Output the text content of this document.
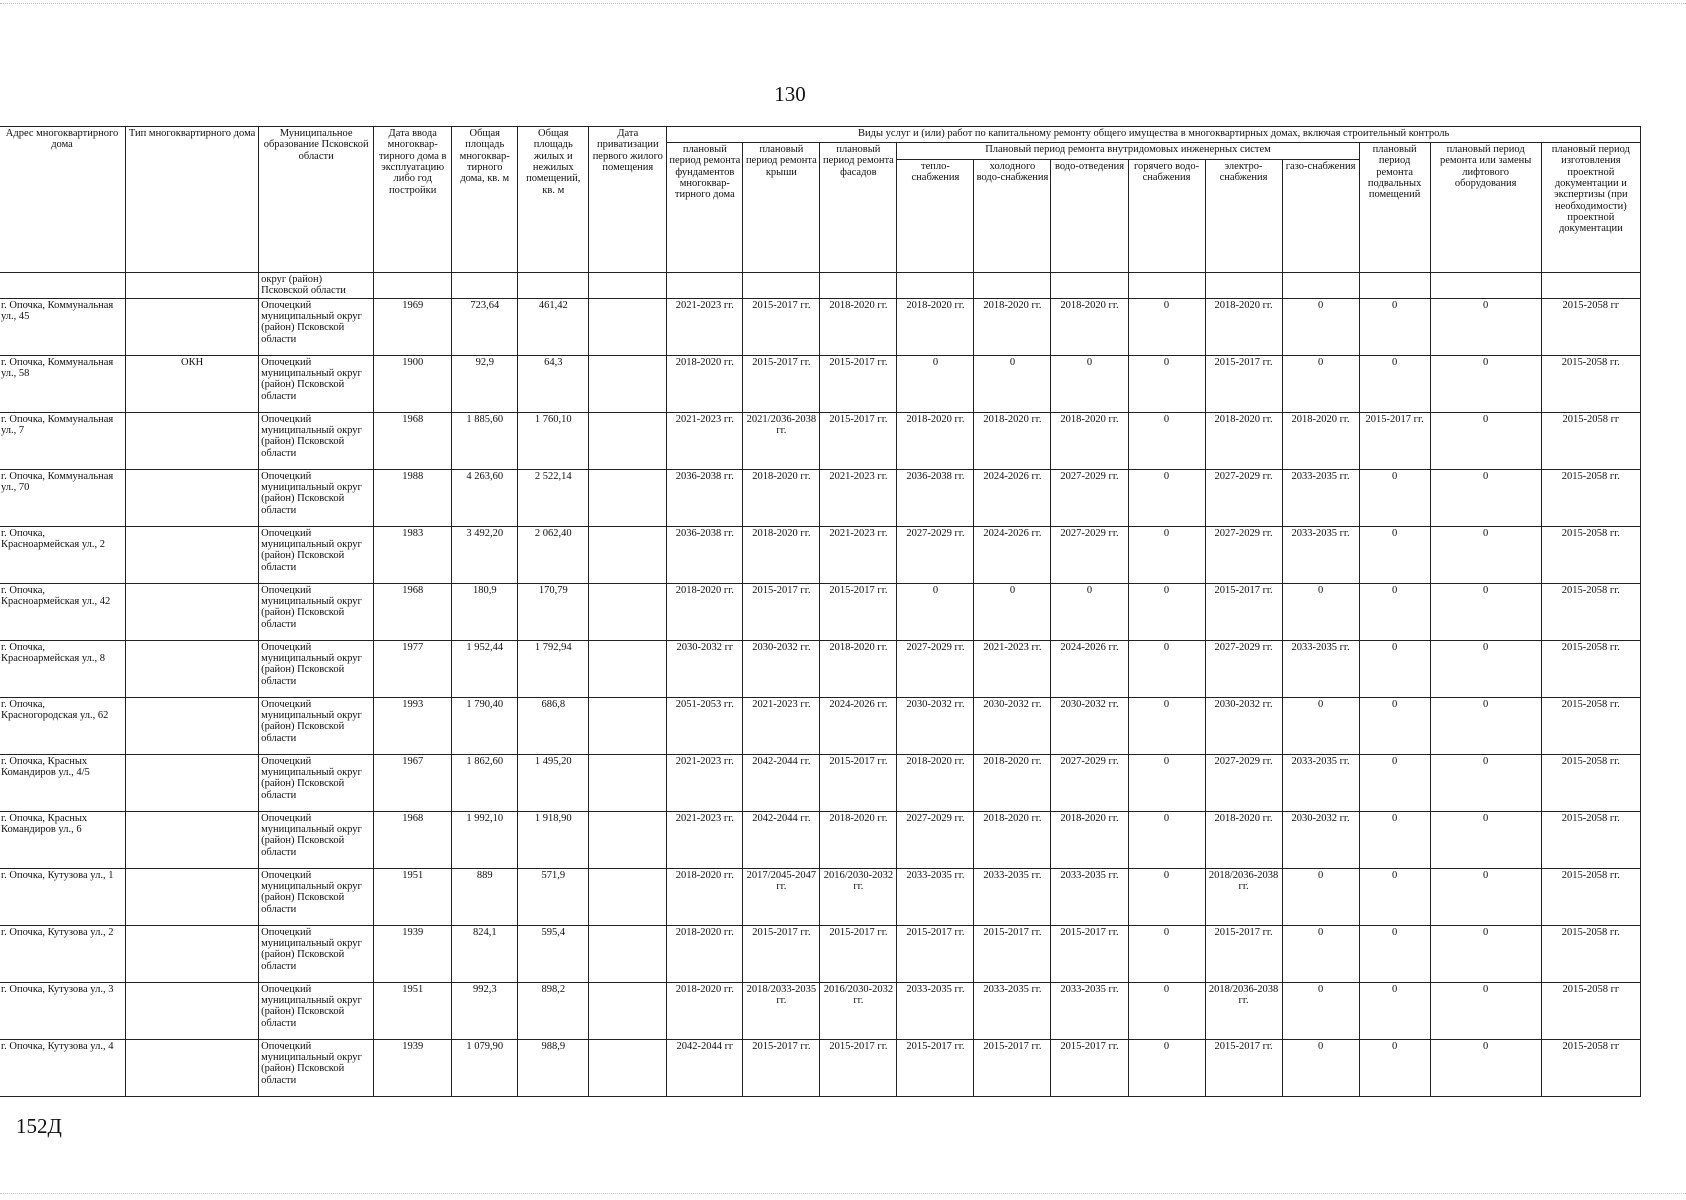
130
Адрес многоквартирного дома	Тип многоквартирного дома	Муниципальное образование Псковской области	Дата ввода многоквар-тирного дома в эксплуатацию либо год постройки	Общая площадь многоквар-тирного дома, кв. м	Общая площадь жилых и нежилых помещений, кв. м	Дата приватизации первого жилого помещения	Виды услуг и (или) работ по капитальному ремонту общего имущества в многоквартирных домах, включая строительный контроль											
							плановый период ремонта фундаментов многоквар-тирного дома	плановый период ремонта крыши	плановый период ремонта фасадов	Плановый период ремонта внутридомовых инженерных систем						плановый период ремонта подвальных помещений	плановый период ремонта или замены лифтового оборудования	плановый период изготовления проектной документации и экспертизы (при необходимости) проектной документации
										тепло-снабжения	холодного водо-снабжения	водо-отведения	горячего водо-снабжения	электро-снабжения	газо-снабжения			
		округ (район) Псковской области																
г. Опочка, Коммунальная ул., 45		Опочецкий муниципальный округ (район) Псковской области	1969	723,64	461,42		2021-2023 гг.	2015-2017 гг.	2018-2020 гг.	2018-2020 гг.	2018-2020 гг.	2018-2020 гг.	0	2018-2020 гг.	0	0	0	2015-2058 гг
г. Опочка, Коммунальная ул., 58	ОКН	Опочецкий муниципальный округ (район) Псковской области	1900	92,9	64,3		2018-2020 гг.	2015-2017 гг.	2015-2017 гг.	0	0	0	0	2015-2017 гг.	0	0	0	2015-2058 гг.
г. Опочка, Коммунальная ул., 7		Опочецкий муниципальный округ (район) Псковской области	1968	1 885,60	1 760,10		2021-2023 гг.	2021/2036-2038 гг.	2015-2017 гг.	2018-2020 гг.	2018-2020 гг.	2018-2020 гг.	0	2018-2020 гг.	2018-2020 гг.	2015-2017 гг.	0	2015-2058 гг
г. Опочка, Коммунальная ул., 70		Опочецкий муниципальный округ (район) Псковской области	1988	4 263,60	2 522,14		2036-2038 гг.	2018-2020 гг.	2021-2023 гг.	2036-2038 гг.	2024-2026 гг.	2027-2029 гг.	0	2027-2029 гг.	2033-2035 гг.	0	0	2015-2058 гг.
г. Опочка, Красноармейская ул., 2		Опочецкий муниципальный округ (район) Псковской области	1983	3 492,20	2 062,40		2036-2038 гг.	2018-2020 гг.	2021-2023 гг.	2027-2029 гг.	2024-2026 гг.	2027-2029 гг.	0	2027-2029 гг.	2033-2035 гг.	0	0	2015-2058 гг.
г. Опочка, Красноармейская ул., 42		Опочецкий муниципальный округ (район) Псковской области	1968	180,9	170,79		2018-2020 гг.	2015-2017 гг.	2015-2017 гг.	0	0	0	0	2015-2017 гг.	0	0	0	2015-2058 гг.
г. Опочка, Красноармейская ул., 8		Опочецкий муниципальный округ (район) Псковской области	1977	1 952,44	1 792,94		2030-2032 гг	2030-2032 гг.	2018-2020 гг.	2027-2029 гг.	2021-2023 гг.	2024-2026 гг.	0	2027-2029 гг.	2033-2035 гг.	0	0	2015-2058 гг.
г. Опочка, Красногородская ул., 62		Опочецкий муниципальный округ (район) Псковской области	1993	1 790,40	686,8		2051-2053 гг.	2021-2023 гг.	2024-2026 гг.	2030-2032 гг.	2030-2032 гг.	2030-2032 гг.	0	2030-2032 гг.	0	0	0	2015-2058 гг.
г. Опочка, Красных Командиров ул., 4/5		Опочецкий муниципальный округ (район) Псковской области	1967	1 862,60	1 495,20		2021-2023 гг.	2042-2044 гг.	2015-2017 гг.	2018-2020 гг.	2018-2020 гг.	2027-2029 гг.	0	2027-2029 гг.	2033-2035 гг.	0	0	2015-2058 гг.
г. Опочка, Красных Командиров ул., 6		Опочецкий муниципальный округ (район) Псковской области	1968	1 992,10	1 918,90		2021-2023 гг.	2042-2044 гг.	2018-2020 гг.	2027-2029 гг.	2018-2020 гг.	2018-2020 гг.	0	2018-2020 гг.	2030-2032 гг.	0	0	2015-2058 гг.
г. Опочка, Кутузова ул., 1		Опочецкий муниципальный округ (район) Псковской области	1951	889	571,9		2018-2020 гг.	2017/2045-2047 гг.	2016/2030-2032 гг.	2033-2035 гг.	2033-2035 гг.	2033-2035 гг.	0	2018/2036-2038 гг.	0	0	0	2015-2058 гг.
г. Опочка, Кутузова ул., 2		Опочецкий муниципальный округ (район) Псковской области	1939	824,1	595,4		2018-2020 гг.	2015-2017 гг.	2015-2017 гг.	2015-2017 гг.	2015-2017 гг.	2015-2017 гг.	0	2015-2017 гг.	0	0	0	2015-2058 гг.
г. Опочка, Кутузова ул., 3		Опочецкий муниципальный округ (район) Псковской области	1951	992,3	898,2		2018-2020 гг.	2018/2033-2035 гг.	2016/2030-2032 гг.	2033-2035 гг.	2033-2035 гг.	2033-2035 гг.	0	2018/2036-2038 гг.	0	0	0	2015-2058 гг
г. Опочка, Кутузова ул., 4		Опочецкий муниципальный округ (район) Псковской области	1939	1 079,90	988,9		2042-2044 гг	2015-2017 гг.	2015-2017 гг.	2015-2017 гг.	2015-2017 гг.	2015-2017 гг.	0	2015-2017 гг.	0	0	0	2015-2058 гг
152Д
